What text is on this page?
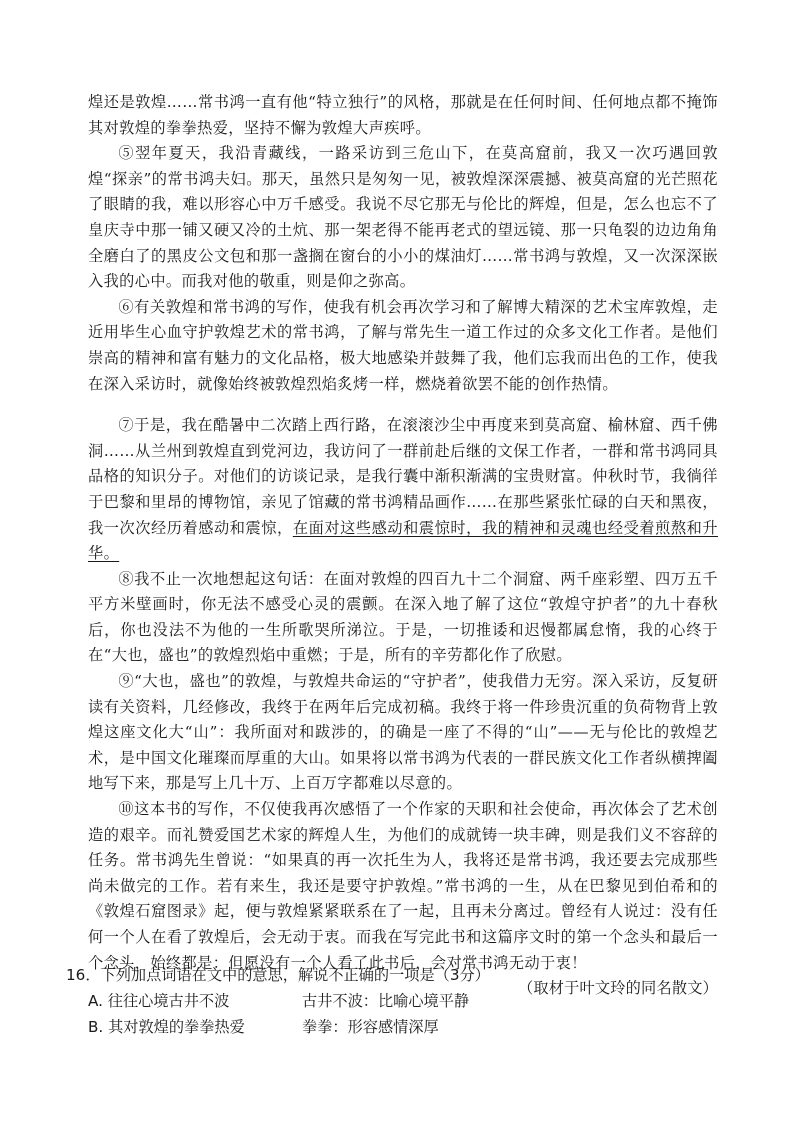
煌还是敦煌……常书鸿一直有他“特立独行”的风格，那就是在任何时间、任何地点都不掩饰其对敦煌的拳拳热爱，坚持不懈为敦煌大声疾呼。

⑤翌年夏天，我沿青藏线，一路采访到三危山下，在莫高窟前，我又一次巧遇回敦煌“探亲”的常书鸿夫妇。那天，虽然只是匆匆一见，被敦煌深深震撼、被莫高窟的光芒照花了眼睛的我，难以形容心中万千感受。我说不尽它那无与伦比的辉煌，但是，怎么也忘不了皇庆寺中那一铺又硬又冷的土炕、那一架老得不能再老式的望远镜、那一只龟裂的边边角角全磨白了的黑皮公文包和那一盏搁在窗台的小小的煤油灯……常书鸿与敦煌，又一次深深嵌入我的心中。而我对他的敬重，则是仰之弥高。

⑥有关敦煌和常书鸿的写作，使我有机会再次学习和了解博大精深的艺术宝库敦煌，走近用毕生心血守护敦煌艺术的常书鸿，了解与常先生一道工作过的众多文化工作者。是他们崇高的精神和富有魅力的文化品格，极大地感染并鼓舞了我，他们忘我而出色的工作，使我在深入采访时，就像始终被敦煌烈焰炙烤一样，燃烧着欲罢不能的创作热情。

⑦于是，我在酷暑中二次踏上西行路，在滚滚沙尘中再度来到莫高窟、榆林窟、西千佛洞……从兰州到敦煌直到党河边，我访问了一群前赴后继的文保工作者，一群和常书鸿同具品格的知识分子。对他们的访谈记录，是我行囊中渐积渐满的宝贵财富。仲秋时节，我徜徉于巴黎和里昂的博物馆，亲见了馆藏的常书鸿精品画作……在那些紧张忙碌的白天和黑夜，我一次次经历着感动和震惊，在面对这些感动和震惊时，我的精神和灵魂也经受着煎熬和升华。

⑧我不止一次地想起这句话：在面对敦煌的四百九十二个洞窟、两千座彩塑、四万五千平方米壁画时，你无法不感受心灵的震颤。在深入地了解了这位“敦煌守护者”的九十春秋后，你也没法不为他的一生所歌哭所涕泣。于是，一切推诿和迟慢都属怠惰，我的心终于在“大也，盛也”的敦煌烈焰中重燃；于是，所有的辛劳都化作了欣慰。

⑨“大也，盛也”的敦煌，与敦煌共命运的“守护者”，使我借力无穷。深入采访，反复研读有关资料，几经修改，我终于在两年后完成初稿。我终于将一件珍贵沉重的负荷物背上敦煌这座文化大“山”：我所面对和跋涉的，的确是一座了不得的“山”——无与伦比的敦煌艺术，是中国文化璀璨而厚重的大山。如果将以常书鸿为代表的一群民族文化工作者纵横捭阖地写下来，那是写上几十万、上百万字都难以尽意的。

⑩这本书的写作，不仅使我再次感悟了一个作家的天职和社会使命，再次体会了艺术创造的艰辛。而礼赞爱国艺术家的辉煌人生，为他们的成就铸一块丰碑，则是我们义不容辞的任务。常书鸿先生曾说：“如果真的再一次托生为人，我将还是常书鸿，我还要去完成那些尚未做完的工作。若有来生，我还是要守护敦煌。”常书鸿的一生，从在巴黎见到伯希和的《敦煌石窟图录》起，便与敦煌紧紧联系在了一起，且再未分离过。曾经有人说过：没有任何一个人在看了敦煌后，会无动于衷。而我在写完此书和这篇序文时的第一个念头和最后一个念头，始终都是：但愿没有一个人看了此书后，会对常书鸿无动于衷！
（取材于叶文玲的同名散文）

16．下列加点词语在文中的意思，解说不正确的一项是（3分）

A. 往往心境古井不波	古井不波：比喻心境平静
B. 其对敦煌的拳拳热爱	拳拳：形容感情深厚
